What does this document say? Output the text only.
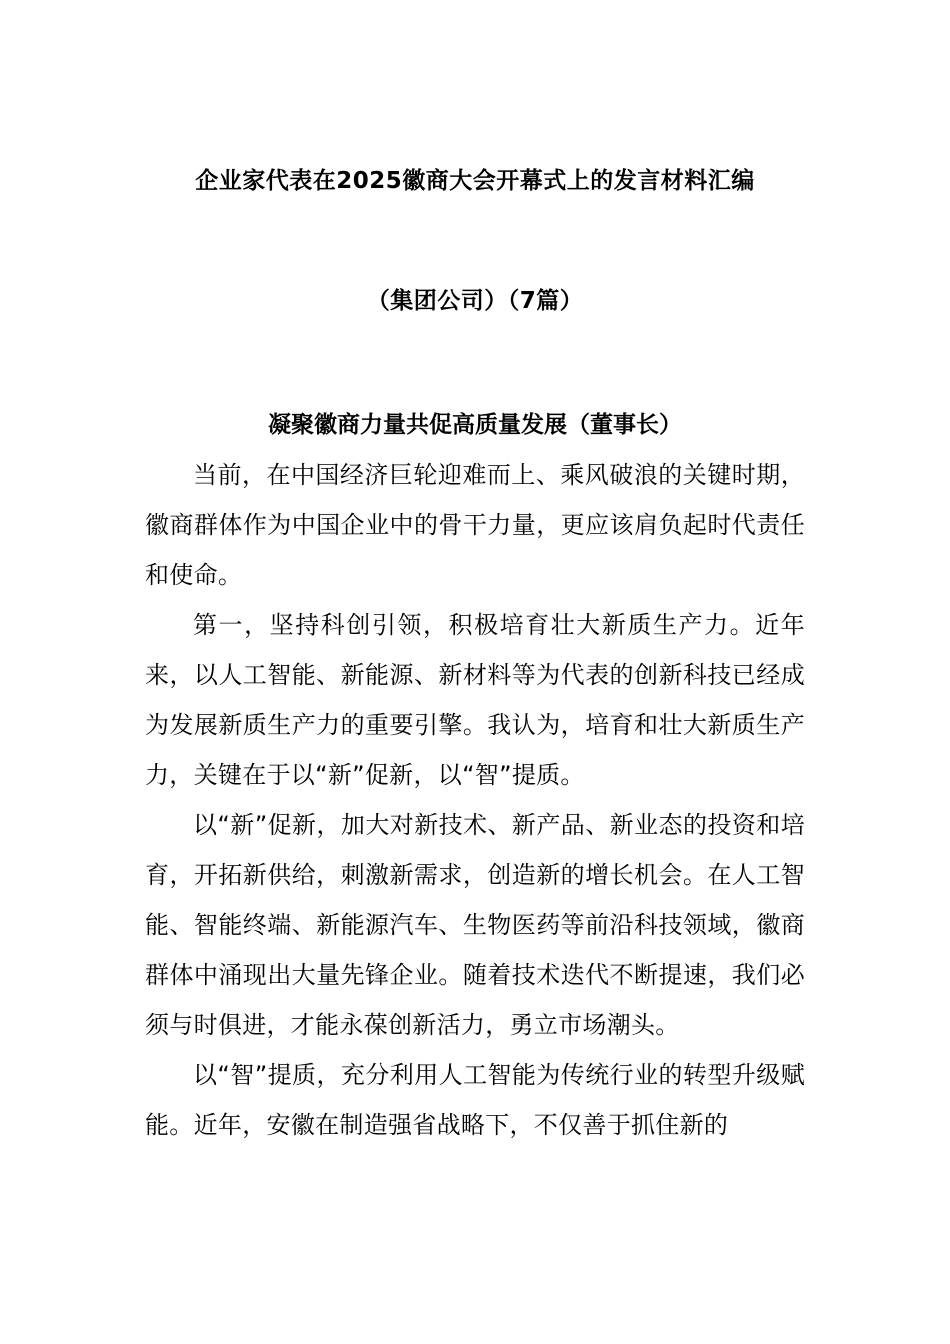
企业家代表在2025徽商大会开幕式上的发言材料汇编
（集团公司）（7篇）
凝聚徽商力量共促高质量发展（董事长）

当前，在中国经济巨轮迎难而上、乘风破浪的关键时期，徽商群体作为中国企业中的骨干力量，更应该肩负起时代责任和使命。

第一，坚持科创引领，积极培育壮大新质生产力。近年来，以人工智能、新能源、新材料等为代表的创新科技已经成为发展新质生产力的重要引擎。我认为，培育和壮大新质生产力，关键在于以“新”促新，以“智”提质。

以“新”促新，加大对新技术、新产品、新业态的投资和培育，开拓新供给，刺激新需求，创造新的增长机会。在人工智能、智能终端、新能源汽车、生物医药等前沿科技领域，徽商群体中涌现出大量先锋企业。随着技术迭代不断提速，我们必须与时俱进，才能永葆创新活力，勇立市场潮头。

以“智”提质，充分利用人工智能为传统行业的转型升级赋能。近年，安徽在制造强省战略下，不仅善于抓住新的
